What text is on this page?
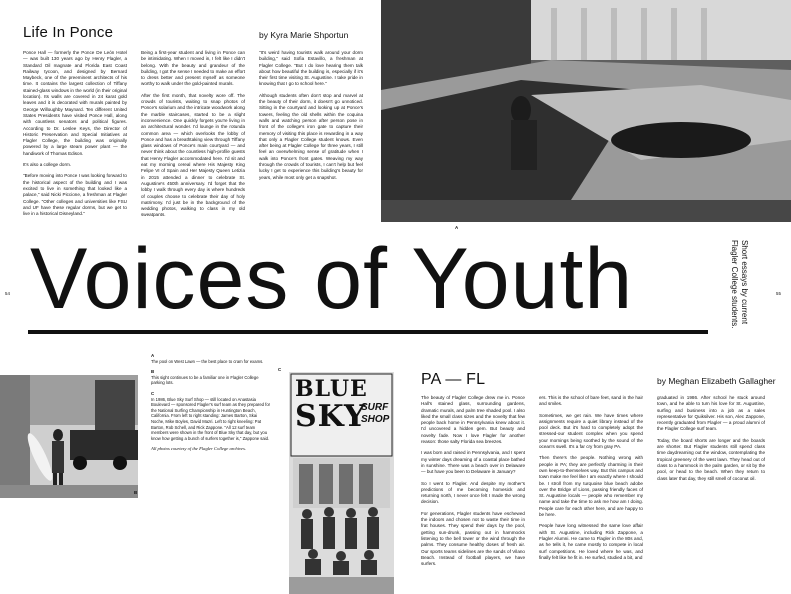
Life In Ponce

Ponce Hall — formerly the Ponce De León Hotel — was built 130 years ago by Henry Flagler, a Standard Oil magnate and Florida East Coast Railway tycoon, and designed by Bernard Maybeck, one of the preeminent architects of his time. It contains the largest collection of Tiffany stained-glass windows in the world (in their original location). Its walls are covered in 24 karat gold leaves and it is decorated with murals painted by George Willoughby Maynard. Ten different United States Presidents have visited Ponce Hall, along with countless senators and political figures. According to Dr. Leslee Keys, the Director of Historic Preservation and Special Initiatives at Flagler College, the building was originally powered by a large steam power plant — the handiwork of Thomas Edison.

It's also a college dorm.

"Before moving into Ponce I was looking forward to the historical aspect of the building and I was excited to live in something that looked like a palace," said Nicki Piccione, a freshman at Flagler College. "Other colleges and universities like FSU and UF have these regular dorms, but we get to live in a historical Disneyland."

Being a first-year student and living in Ponce can be intimidating. When I moved in, I felt like I didn't belong. With the beauty and grandeur of the building, I got the sense I needed to make an effort to dress better and present myself as someone worthy to walk under the gold-painted murals.

After the first month, that novelty wore off. The crowds of tourists, waiting to snap photos of Ponce's solarium and the intricate woodwork along the marble staircases, started to be a slight inconvenience. One quickly forgets you're living in an architectural wonder. I'd lounge in the rotunda common area — which overlooks the lobby of Ponce and has a breathtaking view through Tiffany glass windows of Ponce's main courtyard — and never think about the countless high-profile guests that Henry Flagler accommodated here. I'd sit and eat my morning cereal where His Majesty King Felipe VI of Spain and Her Majesty Queen Letizia in 2015 attended a dinner to celebrate St. Augustine's 450th anniversary. I'd forget that the lobby I walk through every day is where hundreds of couples choose to celebrate their day of holy matrimony. I'd just be in the background of the wedding photos, walking to class in my old sweatpants.

by Kyra Marie Shportun

"It's weird having tourists walk around your dorm building," said Sofia Estavillo, a freshman at Flagler College. "But I do love hearing them talk about how beautiful the building is, especially if it's their first time visiting St. Augustine. I take pride in knowing that I go to school here."

Although students often don't stop and marvel at the beauty of their dorm, it doesn't go unnoticed. Sitting in the courtyard and looking up at Ponce's towers, feeling the old shells within the coquina walls and watching person after person pose in front of the college's iron gate to capture their memory of visiting this place is rewarding in a way that only a Flagler College student knows. Even after being at Flagler College for three years, I still feel an overwhelming sense of gratitude when I walk into Ponce's front gates. Weaving my way through the crowds of tourists, I can't help but feel lucky I get to experience this building's beauty for years, while most only get a snapshot.

A
54	55
Voices of Youth	Short essays by current Flagler College students.
B

A
The pool on West Lawn — the best place to cram for exams.

B
This sight continues to be a familiar one in Flagler College parking lots.

C
In 1986, Blue Sky Surf Shop — still located on Anastasia Boulevard — sponsored Flagler's surf team as they prepared for the National Surfing Championship in Huntington Beach, California. From left to right standing: James Barton, Skai Noche, Mike Boyles, David Mazri. Left to right kneeling: Pat Barton, Rob Schell, and Rick Zappone. "All 12 surf team members were shown in the front of Blue Sky that day, but you know how getting a bunch of surfers together is," Zappone said.

All photos courtesy of the Flagler College archives.

C
BLUE
SKY
SURF
SHOP
PA — FL	by Meghan Elizabeth Gallagher

The beauty of Flagler College drew me in. Ponce Hall's stained glass, surrounding gardens, dramatic murals, and palm tree shaded pool. I also liked the small class sizes and the novelty that few people back home in Pennsylvania knew about it. I'd uncovered a hidden gem. But beauty and novelty fade. Now I love Flagler for another reason: those salty Florida sea breezes.

I was born and raised in Pennsylvania, and I spent my winter days dreaming of a coastal place bathed in sunshine. There was a beach over in Delaware — but have you been to Delaware in January?

So I went to Flagler. And despite my mother's predictions of me becoming homesick and returning north, I never once felt I made the wrong decision.

For generations, Flagler students have eschewed the indoors and chosen not to waste their time in frat houses. They spend their days by the pool, getting sun-drunk, passing out in hammocks listening to the bell tower or the wind through the palms. They consume healthy doses of fresh air. Our sports teams sidelines are the sands of Vilano Beach. Instead of football players, we have surfers.

ers. This is the school of bare feet, sand in the hair and smiles.

Sometimes, we get rain. We have times where assignments require a quiet library instead of the pool deck. But it's hard to completely adopt the stressed-our student complex when you spend your mornings being soothed by the sound of the ocean's swell. It's a far cry from gray PA.

Then there's the people. Nothing wrong with people in PA; they are perfectly charming in their own keep-to-themselves way. But this campus and town make me feel like I am exactly where I should be. I stroll from my turquoise blue beach adobe over the Bridge of Lions, passing friendly faces of St. Augustine locals — people who remember my name and take the time to ask me how am I doing. People care for each other here, and are happy to be here.

People have long witnessed the same love affair with St. Augustine, including Rick Zappone, a Flagler Alumni. He came to Flagler in the 80s and, as he tells it, he came mostly to compete in local surf competitions. He loved where he was, and finally felt like he fit in. He surfed, studied a bit, and

graduated in 1986. After school he stuck around town, and he able to turn his love for St. Augustine, surfing and business into a job as a sales representative for Quiksilver. His son, Alec Zappone, recently graduated from Flagler — a proud alumni of the Flagler College surf team.

Today, the board shorts are longer and the boards are shorter. But Flagler students still spend class time daydreaming out the window, contemplating the tropical greenery of the west lawn. They head out of class to a hammock in the palm garden, or sit by the pool, or head to the beach. When they return to class later that day, they still smell of coconut oil.
